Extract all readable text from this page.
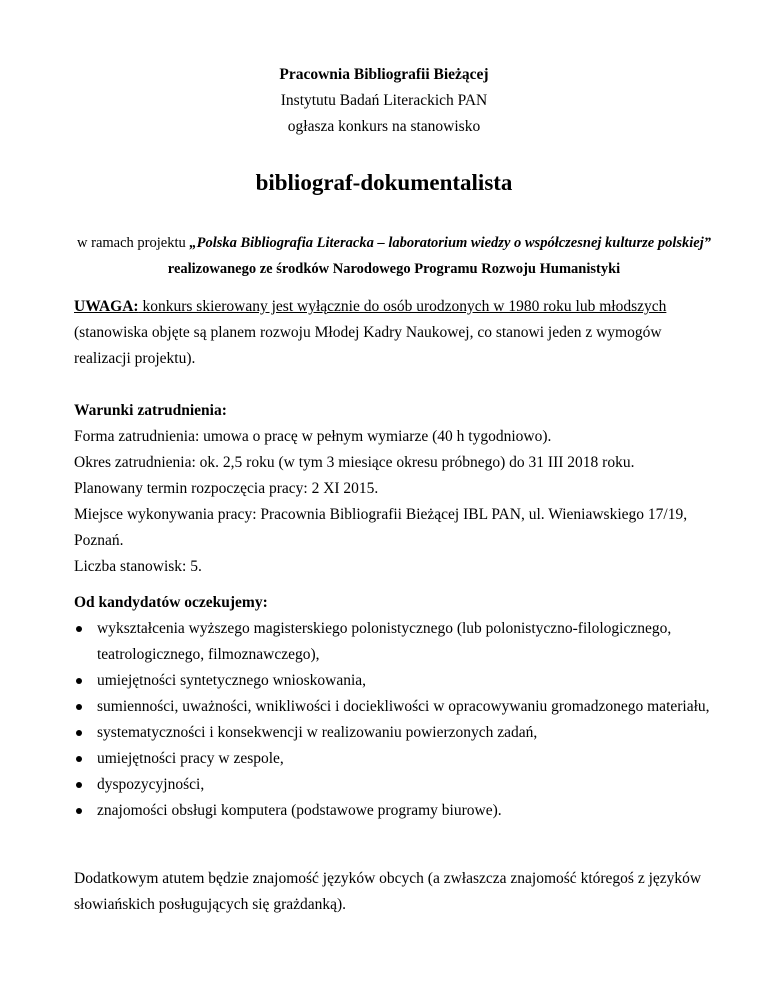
Pracownia Bibliografii Bieżącej
Instytutu Badań Literackich PAN
ogłasza konkurs na stanowisko
bibliograf-dokumentalista
w ramach projektu „Polska Bibliografia Literacka – laboratorium wiedzy o współczesnej kulturze polskiej” realizowanego ze środków Narodowego Programu Rozwoju Humanistyki
UWAGA: konkurs skierowany jest wyłącznie do osób urodzonych w 1980 roku lub młodszych (stanowiska objęte są planem rozwoju Młodej Kadry Naukowej, co stanowi jeden z wymogów realizacji projektu).

Warunki zatrudnienia:

Forma zatrudnienia: umowa o pracę w pełnym wymiarze (40 h tygodniowo).

Okres zatrudnienia: ok. 2,5 roku (w tym 3 miesiące okresu próbnego) do 31 III 2018 roku.

Planowany termin rozpoczęcia pracy: 2 XI 2015.

Miejsce wykonywania pracy: Pracownia Bibliografii Bieżącej IBL PAN, ul. Wieniawskiego 17/19, Poznań.

Liczba stanowisk: 5.

Od kandydatów oczekujemy:

wykształcenia wyższego magisterskiego polonistycznego (lub polonistyczno-filologicznego, teatrologicznego, filmoznawczego),
umiejętności syntetycznego wnioskowania,
sumienności, uważności, wnikliwości i dociekliwości w opracowywaniu gromadzonego materiału,
systematyczności i konsekwencji w realizowaniu powierzonych zadań,
umiejętności pracy w zespole,
dyspozycyjności,
znajomości obsługi komputera (podstawowe programy biurowe).
Dodatkowym atutem będzie znajomość języków obcych (a zwłaszcza znajomość któregoś z języków słowiańskich posługujących się grażdanką).
